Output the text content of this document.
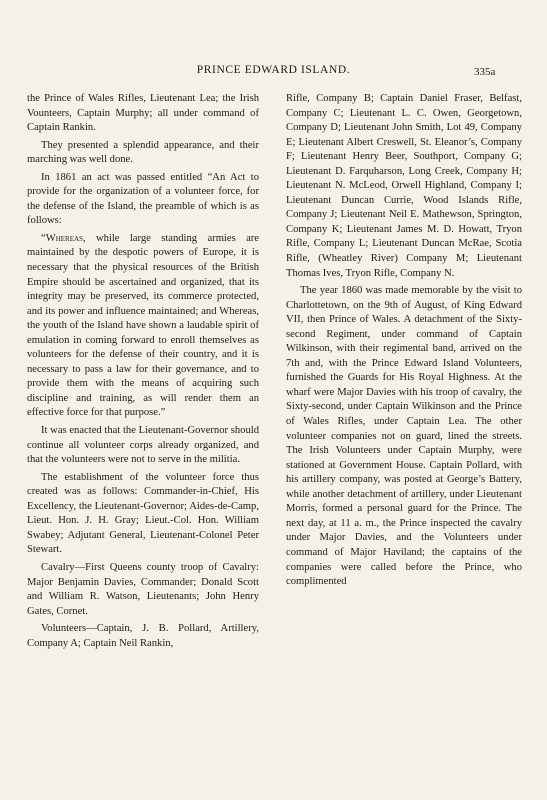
PRINCE EDWARD ISLAND.	335a

the Prince of Wales Rifles, Lieutenant Lea; the Irish Vounteers, Captain Murphy; all under command of Captain Rankin.

They presented a splendid appearance, and their marching was well done.

In 1861 an act was passed entitled “An Act to provide for the organization of a volunteer force, for the defense of the Island, the preamble of which is as follows:

“Whereas, while large standing armies are maintained by the despotic powers of Europe, it is necessary that the physical resources of the British Empire should be ascertained and organized, that its integrity may be preserved, its commerce protected, and its power and influence maintained; and Whereas, the youth of the Island have shown a laudable spirit of emulation in coming forward to enroll themselves as volunteers for the defense of their country, and it is necessary to pass a law for their governance, and to provide them with the means of acquiring such discipline and training, as will render them an effective force for that purpose.”

It was enacted that the Lieutenant-Governor should continue all volunteer corps already organized, and that the volunteers were not to serve in the militia.

The establishment of the volunteer force thus created was as follows: Commander-in-Chief, His Excellency, the Lieutenant-Governor; Aides-de-Camp, Lieut. Hon. J. H. Gray; Lieut.-Col. Hon. William Swabey; Adjutant General, Lieutenant-Colonel Peter Stewart.

Cavalry—First Queens county troop of Cavalry: Major Benjamin Davies, Commander; Donald Scott and William R. Watson, Lieutenants; John Henry Gates, Cornet.

Volunteers—Captain, J. B. Pollard, Artillery, Company A; Captain Neil Rankin,

Rifle, Company B; Captain Daniel Fraser, Belfast, Company C; Lieutenant L. C. Owen, Georgetown, Company D; Lieutenant John Smith, Lot 49, Company E; Lieutenant Albert Creswell, St. Eleanor’s, Company F; Lieutenant Henry Beer, Southport, Company G; Lieutenant D. Farquharson, Long Creek, Company H; Lieutenant N. McLeod, Orwell Highland, Company I; Lieutenant Duncan Currie, Wood Islands Rifle, Company J; Lieutenant Neil E. Mathewson, Springton, Company K; Lieutenant James M. D. Howatt, Tryon Rifle, Company L; Lieutenant Duncan McRae, Scotia Rifle, (Wheatley River) Company M; Lieutenant Thomas Ives, Tryon Rifle, Company N.

The year 1860 was made memorable by the visit to Charlottetown, on the 9th of August, of King Edward VII, then Prince of Wales. A detachment of the Sixty-second Regiment, under command of Captain Wilkinson, with their regimental band, arrived on the 7th and, with the Prince Edward Island Volunteers, furnished the Guards for His Royal Highness. At the wharf were Major Davies with his troop of cavalry, the Sixty-second, under Captain Wilkinson and the Prince of Wales Rifles, under Captain Lea. The other volunteer companies not on guard, lined the streets. The Irish Volunteers under Captain Murphy, were stationed at Government House. Captain Pollard, with his artillery company, was posted at George’s Battery, while another detachment of artillery, under Lieutenant Morris, formed a personal guard for the Prince. The next day, at 11 a. m., the Prince inspected the cavalry under Major Davies, and the Volunteers under command of Major Haviland; the captains of the companies were called before the Prince, who complimented
